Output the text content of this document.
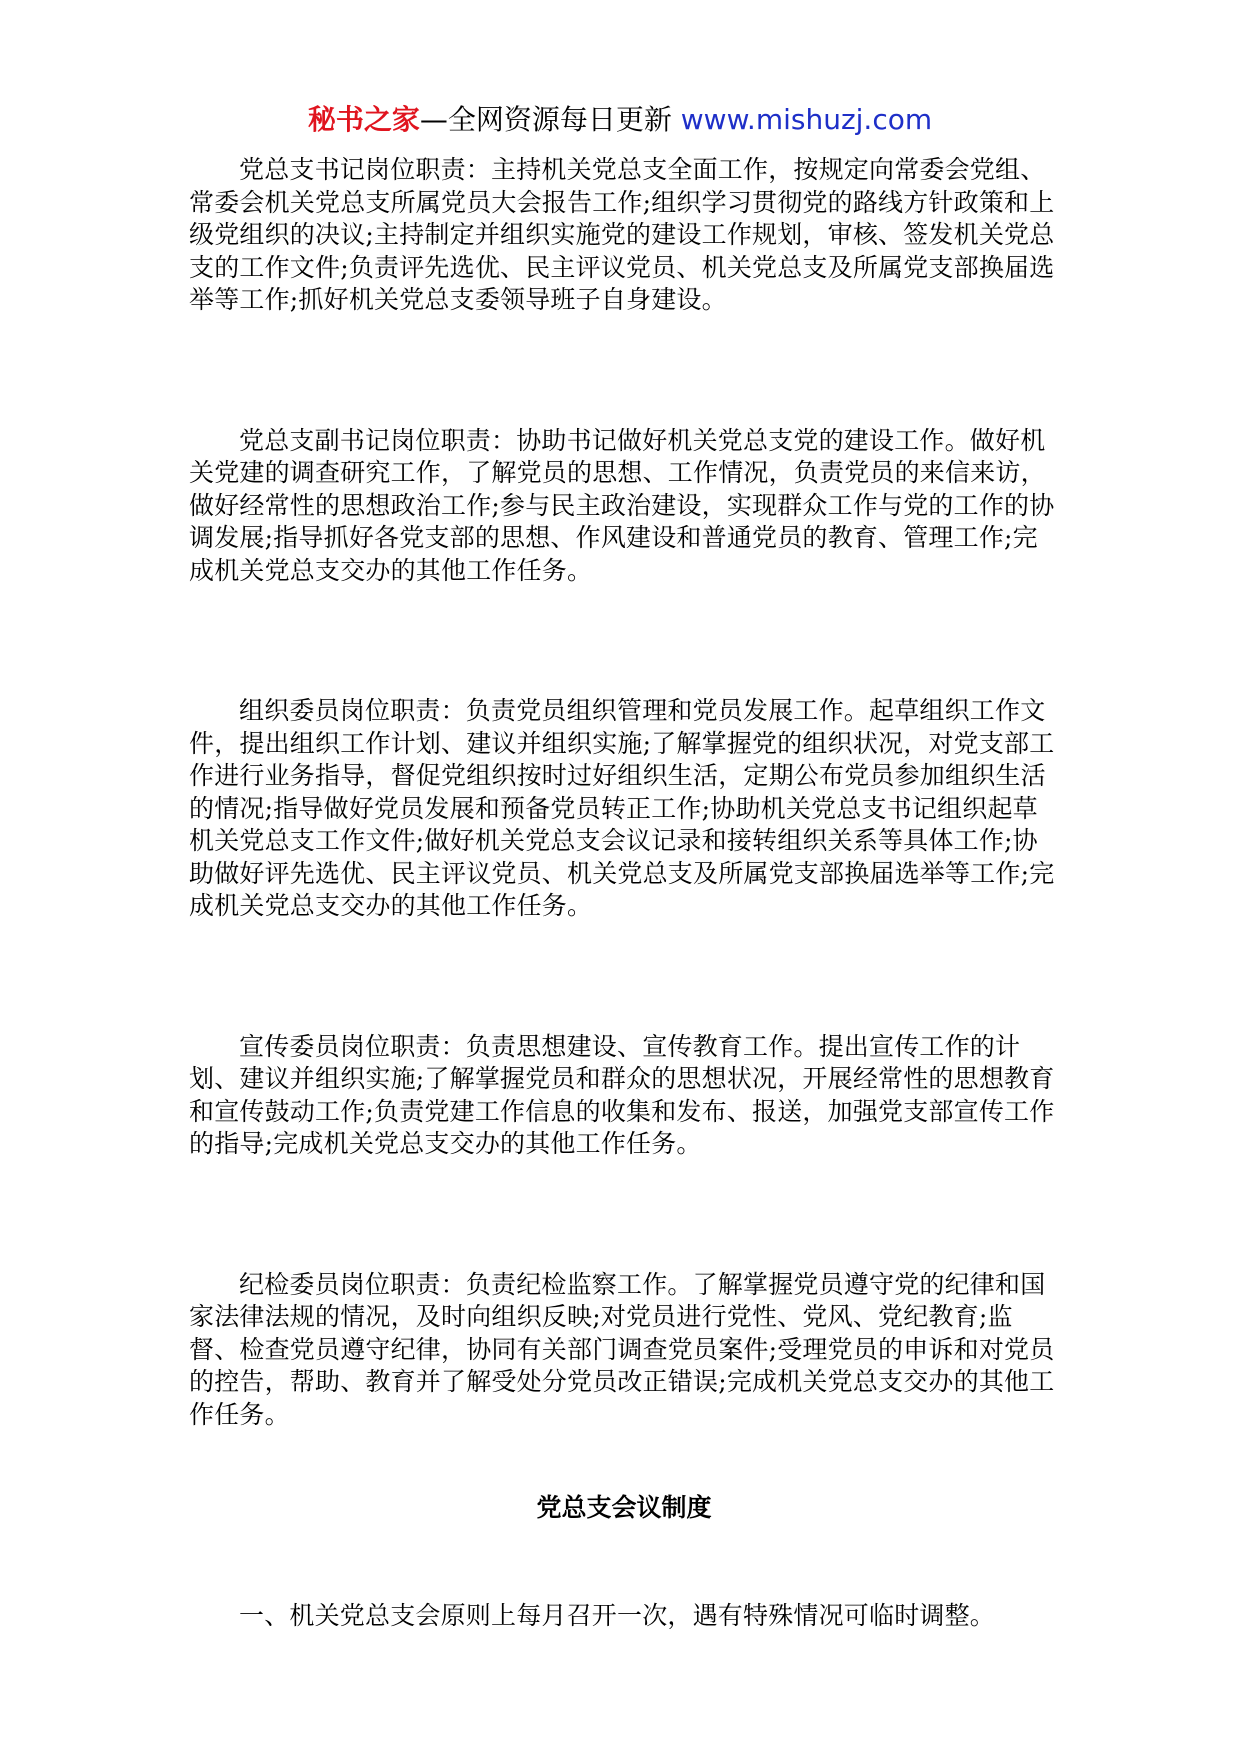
秘书之家—全网资源每日更新 www.mishuzj.com

党总支书记岗位职责：主持机关党总支全面工作，按规定向常委会党组、常委会机关党总支所属党员大会报告工作;组织学习贯彻党的路线方针政策和上级党组织的决议;主持制定并组织实施党的建设工作规划，审核、签发机关党总支的工作文件;负责评先选优、民主评议党员、机关党总支及所属党支部换届选举等工作;抓好机关党总支委领导班子自身建设。

党总支副书记岗位职责：协助书记做好机关党总支党的建设工作。做好机关党建的调查研究工作，了解党员的思想、工作情况，负责党员的来信来访，做好经常性的思想政治工作;参与民主政治建设，实现群众工作与党的工作的协调发展;指导抓好各党支部的思想、作风建设和普通党员的教育、管理工作;完成机关党总支交办的其他工作任务。

组织委员岗位职责：负责党员组织管理和党员发展工作。起草组织工作文件，提出组织工作计划、建议并组织实施;了解掌握党的组织状况，对党支部工作进行业务指导，督促党组织按时过好组织生活，定期公布党员参加组织生活的情况;指导做好党员发展和预备党员转正工作;协助机关党总支书记组织起草机关党总支工作文件;做好机关党总支会议记录和接转组织关系等具体工作;协助做好评先选优、民主评议党员、机关党总支及所属党支部换届选举等工作;完成机关党总支交办的其他工作任务。

宣传委员岗位职责：负责思想建设、宣传教育工作。提出宣传工作的计划、建议并组织实施;了解掌握党员和群众的思想状况，开展经常性的思想教育和宣传鼓动工作;负责党建工作信息的收集和发布、报送，加强党支部宣传工作的指导;完成机关党总支交办的其他工作任务。

纪检委员岗位职责：负责纪检监察工作。了解掌握党员遵守党的纪律和国家法律法规的情况，及时向组织反映;对党员进行党性、党风、党纪教育;监督、检查党员遵守纪律，协同有关部门调查党员案件;受理党员的申诉和对党员的控告，帮助、教育并了解受处分党员改正错误;完成机关党总支交办的其他工作任务。

党总支会议制度

一、机关党总支会原则上每月召开一次，遇有特殊情况可临时调整。
